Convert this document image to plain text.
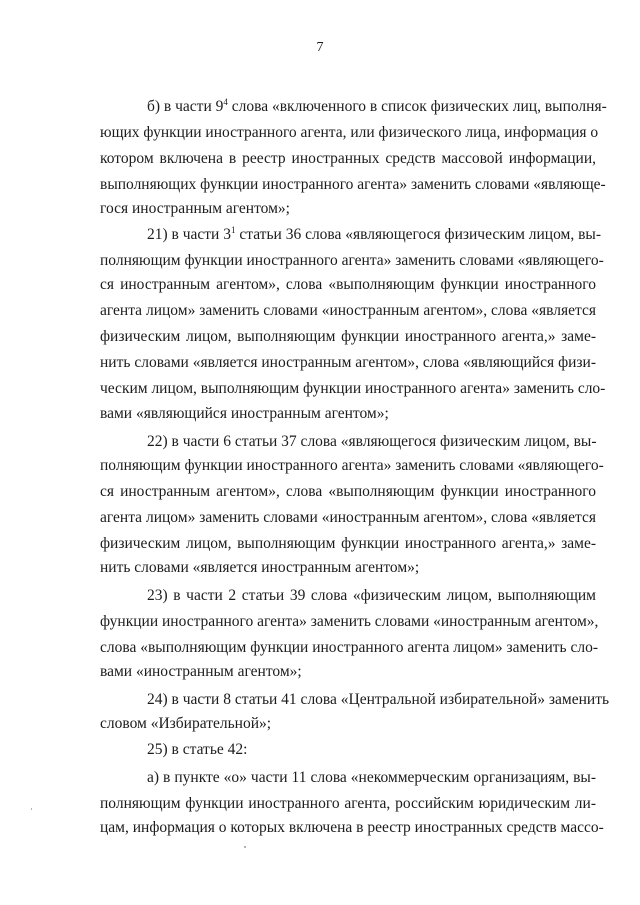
7
б) в части $9^4$ слова «включенного в список физических лиц, выполня-
ющих функции иностранного агента, или физического лица, информация о
котором включена в реестр иностранных средств массовой информации,
выполняющих функции иностранного агента» заменить словами «являюще-
гося иностранным агентом»;
21) в части $3^1$ статьи 36 слова «являющегося физическим лицом, вы-
полняющим функции иностранного агента» заменить словами «являющего-
ся иностранным агентом», слова «выполняющим функции иностранного
агента лицом» заменить словами «иностранным агентом», слова «является
физическим лицом, выполняющим функции иностранного агента,» заме-
нить словами «является иностранным агентом», слова «являющийся физи-
ческим лицом, выполняющим функции иностранного агента» заменить сло-
вами «являющийся иностранным агентом»;
22) в части 6 статьи 37 слова «являющегося физическим лицом, вы-
полняющим функции иностранного агента» заменить словами «являющего-
ся иностранным агентом», слова «выполняющим функции иностранного
агента лицом» заменить словами «иностранным агентом», слова «является
физическим лицом, выполняющим функции иностранного агента,» заме-
нить словами «является иностранным агентом»;
23) в части 2 статьи 39 слова «физическим лицом, выполняющим
функции иностранного агента» заменить словами «иностранным агентом»,
слова «выполняющим функции иностранного агента лицом» заменить сло-
вами «иностранным агентом»;
24) в части 8 статьи 41 слова «Центральной избирательной» заменить
словом «Избирательной»;
25) в статье 42:
а) в пункте «о» части 11 слова «некоммерческим организациям, вы-
полняющим функции иностранного агента, российским юридическим ли-
цам, информация о которых включена в реестр иностранных средств массо-
